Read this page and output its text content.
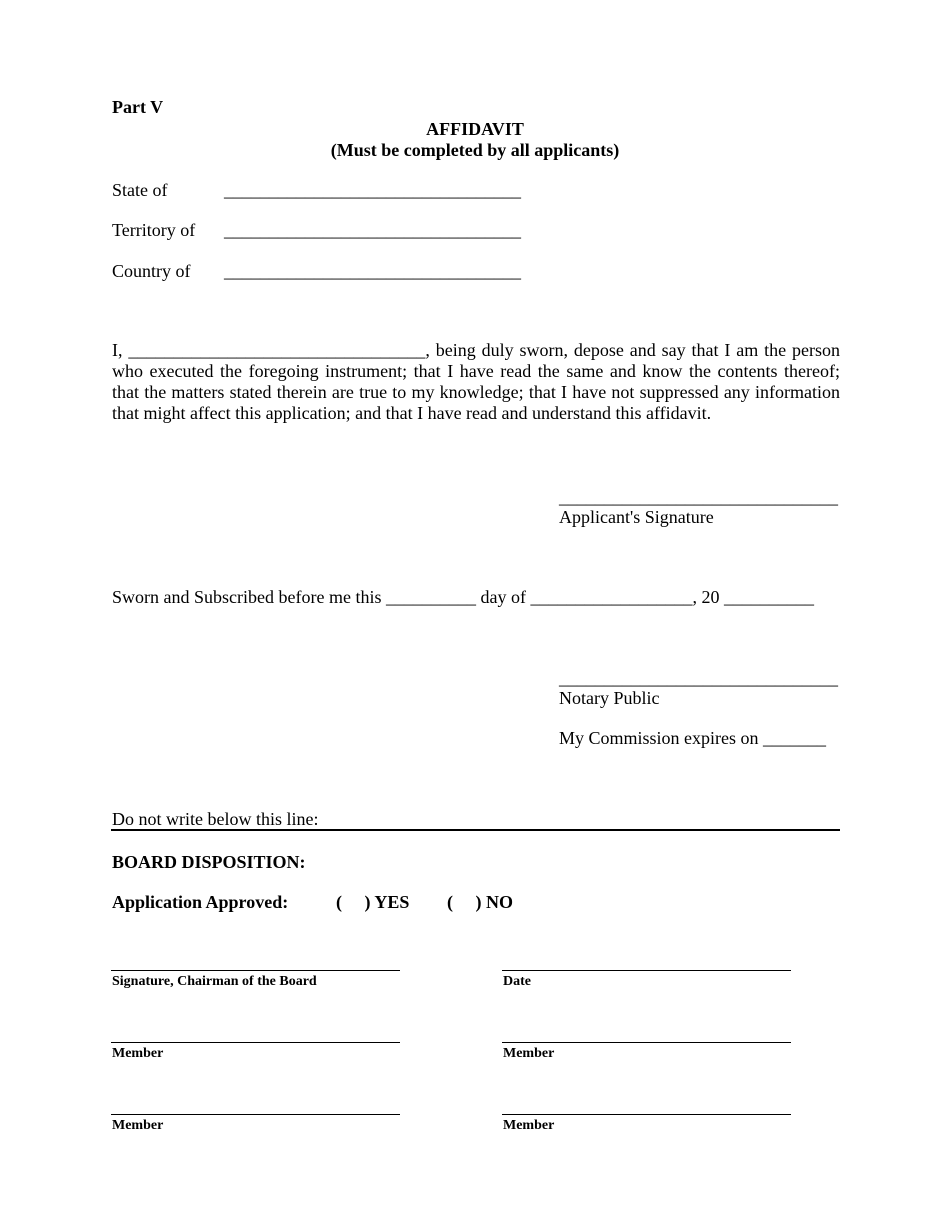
Part V
AFFIDAVIT
(Must be completed by all applicants)
State of	_________________________________
Territory of _________________________________
Country of _________________________________
I, _________________________________, being duly sworn, depose and say that I am the person who executed the foregoing instrument; that I have read the same and know the contents thereof; that the matters stated therein are true to my knowledge; that I have not suppressed any information that might affect this application; and that I have read and understand this affidavit.
_______________________________
Applicant's Signature
Sworn and Subscribed before me this __________ day of __________________, 20 __________
_______________________________
Notary Public
My Commission expires on _______
Do not write below this line:
BOARD DISPOSITION:
Application Approved:	(     ) YES (     ) NO
Signature, Chairman of the Board	Date
Member	Member
Member	Member
